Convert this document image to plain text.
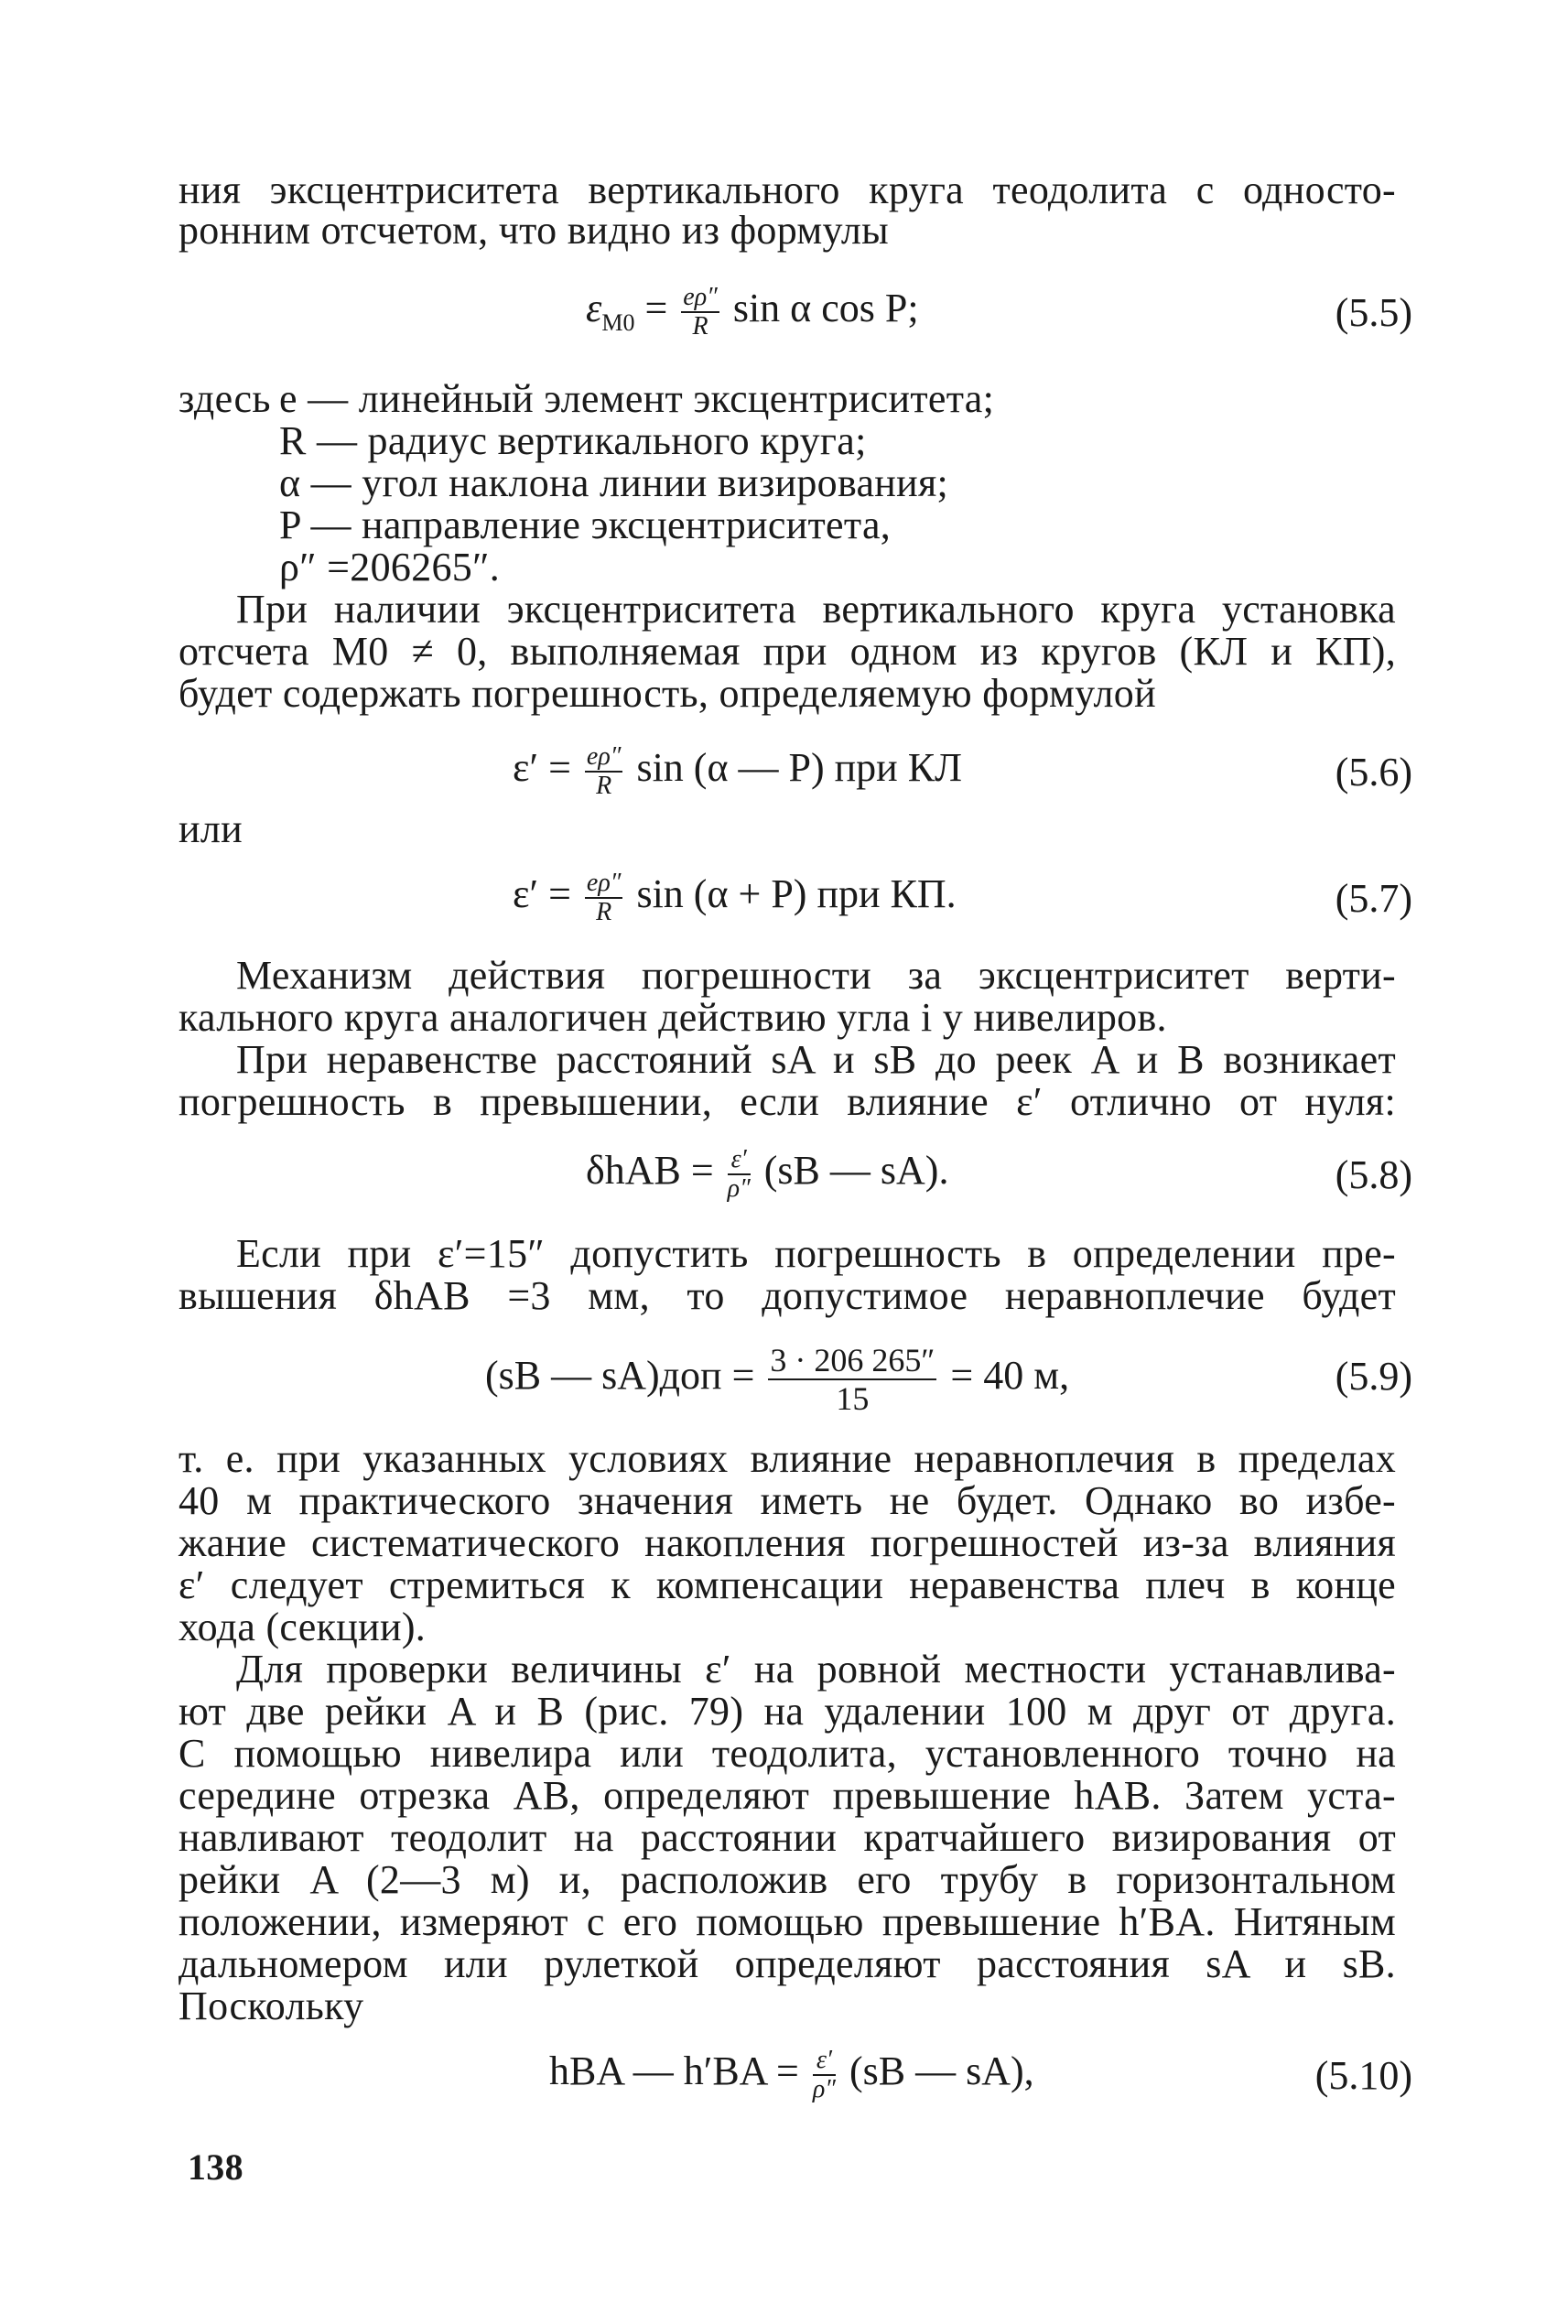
ния эксцентриситета вертикального круга теодолита с односто-
ронним отсчетом, что видно из формулы
$\varepsilon_{М0} = \frac{e\rho''}{R}$ sin α cos P;	(5.5)
здесь e — линейный элемент эксцентриситета;
R — радиус вертикального круга;
α — угол наклона линии визирования;
P — направление эксцентриситета,
ρ″ =206265″.
При наличии эксцентриситета вертикального круга установка
отсчета М0 ≠ 0, выполняемая при одном из кругов (КЛ и КП),
будет содержать погрешность, определяемую формулой
$\varepsilon' = \frac{e\rho''}{R}$ sin (α — P) при КЛ	(5.6)
или
$\varepsilon' = \frac{e\rho''}{R}$ sin (α + P) при КП.	(5.7)
Механизм действия погрешности за эксцентриситет верти-
кального круга аналогичен действию угла i у нивелиров.
При неравенстве расстояний sA и sB до реек A и B возникает
погрешность в превышении, если влияние ε′ отлично от нуля:
$\delta hAB = \frac{\varepsilon'}{\rho''} (sB$ — sA).	(5.8)
Если при ε′=15″ допустить погрешность в определении пре-
вышения δhAB =3 мм, то допустимое неравноплечие будет
(sB — $sA)доп = \frac{3 \cdot 206 265''}{15} = 40$ м,	(5.9)
т. е. при указанных условиях влияние неравноплечия в пределах
40 м практического значения иметь не будет. Однако во избе-
жание систематического накопления погрешностей из-за влияния
ε′ следует стремиться к компенсации неравенства плеч в конце
хода (секции).
Для проверки величины ε′ на ровной местности устанавлива-
ют две рейки A и B (рис. 79) на удалении 100 м друг от друга.
С помощью нивелира или теодолита, установленного точно на
середине отрезка AB, определяют превышение hAB. Затем уста-
навливают теодолит на расстоянии кратчайшего визирования от
рейки A (2—3 м) и, расположив его трубу в горизонтальном
положении, измеряют с его помощью превышение h′BA. Нитяным
дальномером или рулеткой определяют расстояния sA и sB.
Поскольку
hBA — $h'BA = \frac{\varepsilon'}{\rho''} (sB$ — sA),	(5.10)
138
